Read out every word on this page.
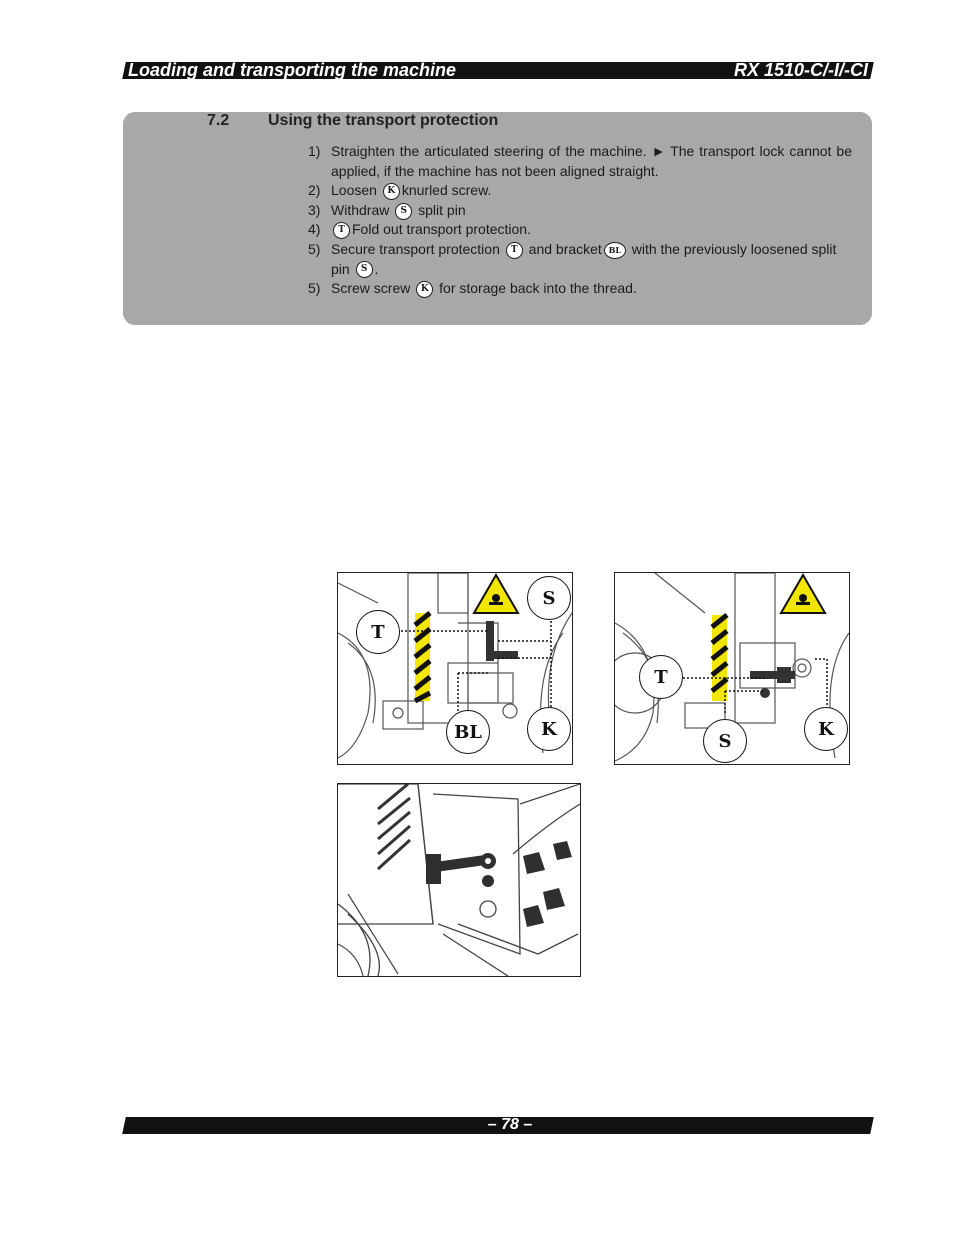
Loading and transporting the machine	RX 1510-C/-I/-CI
7.2 Using the transport protection
1) Straighten the articulated steering of the machine. ► The transport lock cannot be applied, if the machine has not been aligned straight.
2) Loosen K knurled screw.
3) Withdraw S split pin
4) T Fold out transport protection.
5) Secure transport protection T and bracket BL with the previously loosened split pin S .
5) Screw screw K for storage back into the thread.
T
S
BL	K
T
S
K
– 78 –
